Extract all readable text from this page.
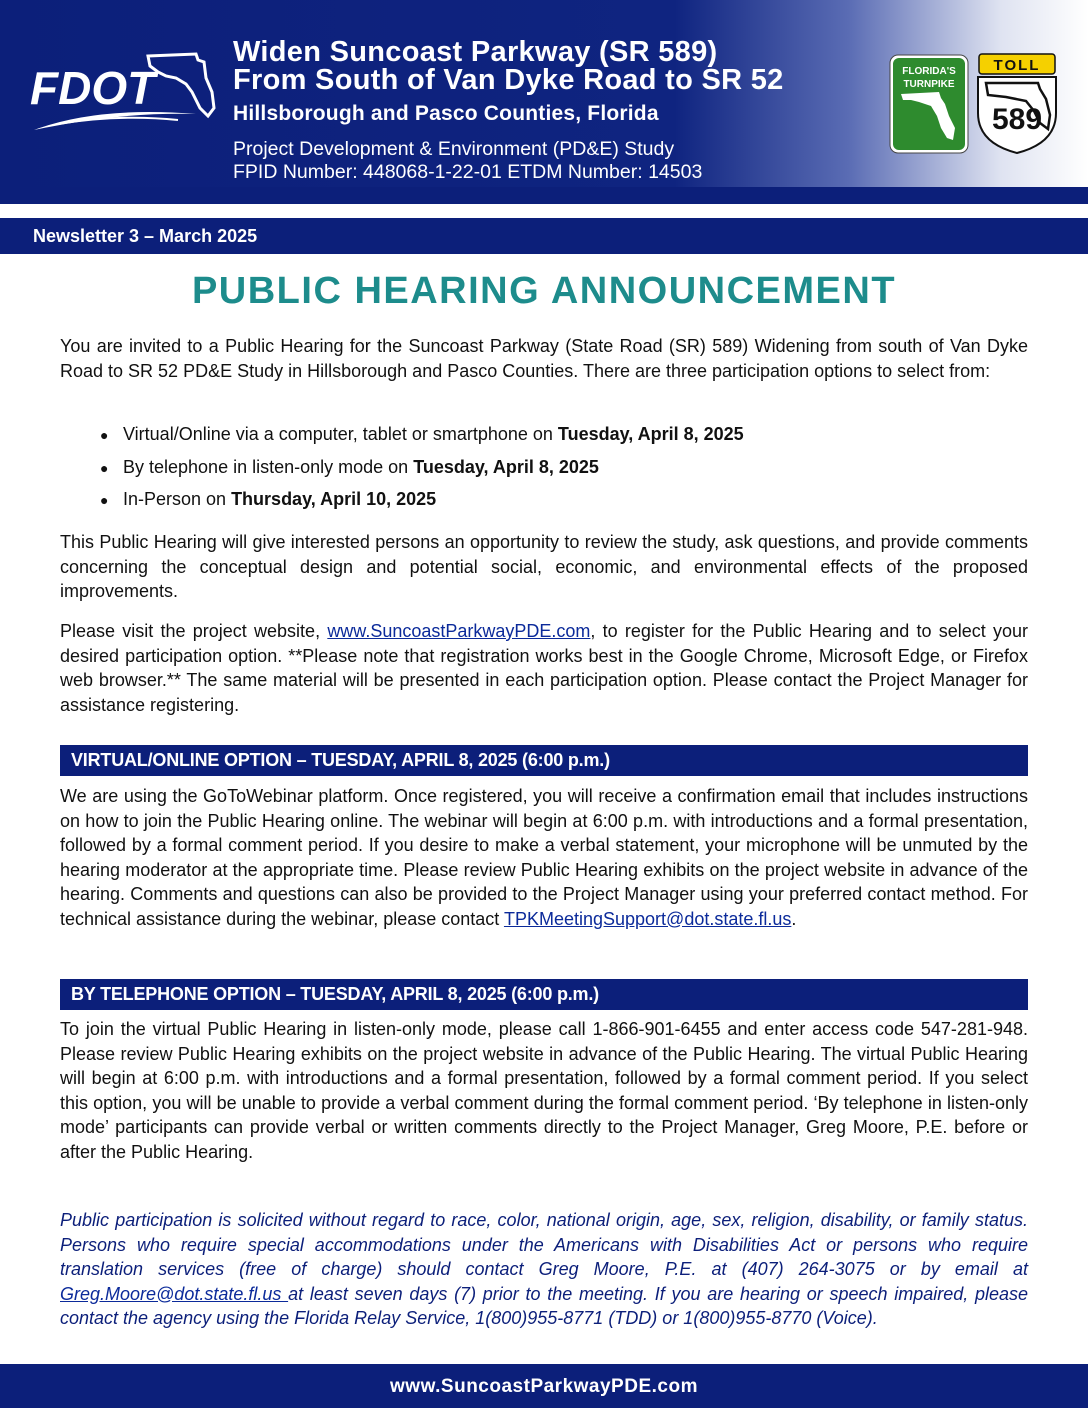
FDOT
Widen Suncoast Parkway (SR 589)
From South of Van Dyke Road to SR 52
Hillsborough and Pasco Counties, Florida
Project Development & Environment (PD&E) Study
FPID Number: 448068-1-22-01 ETDM Number: 14503
FLORIDA'S
TURNPIKE
TOLL
589
Newsletter 3 – March 2025
PUBLIC HEARING ANNOUNCEMENT
You are invited to a Public Hearing for the Suncoast Parkway (State Road (SR) 589) Widening from south of Van Dyke Road to SR 52 PD&E Study in Hillsborough and Pasco Counties. There are three participation options to select from:
● Virtual/Online via a computer, tablet or smartphone on Tuesday, April 8, 2025
● By telephone in listen-only mode on Tuesday, April 8, 2025
● In-Person on Thursday, April 10, 2025
This Public Hearing will give interested persons an opportunity to review the study, ask questions, and provide comments concerning the conceptual design and potential social, economic, and environmental effects of the proposed improvements.
Please visit the project website, www.SuncoastParkwayPDE.com, to register for the Public Hearing and to select your desired participation option. **Please note that registration works best in the Google Chrome, Microsoft Edge, or Firefox web browser.** The same material will be presented in each participation option. Please contact the Project Manager for assistance registering.
VIRTUAL/ONLINE OPTION – TUESDAY, APRIL 8, 2025 (6:00 p.m.)
We are using the GoToWebinar platform. Once registered, you will receive a confirmation email that includes instructions on how to join the Public Hearing online. The webinar will begin at 6:00 p.m. with introductions and a formal presentation, followed by a formal comment period. If you desire to make a verbal statement, your microphone will be unmuted by the hearing moderator at the appropriate time. Please review Public Hearing exhibits on the project website in advance of the hearing. Comments and questions can also be provided to the Project Manager using your preferred contact method. For technical assistance during the webinar, please contact TPKMeetingSupport@dot.state.fl.us.
BY TELEPHONE OPTION – TUESDAY, APRIL 8, 2025 (6:00 p.m.)
To join the virtual Public Hearing in listen-only mode, please call 1-866-901-6455 and enter access code 547-281-948. Please review Public Hearing exhibits on the project website in advance of the Public Hearing. The virtual Public Hearing will begin at 6:00 p.m. with introductions and a formal presentation, followed by a formal comment period. If you select this option, you will be unable to provide a verbal comment during the formal comment period. ‘By telephone in listen-only mode’ participants can provide verbal or written comments directly to the Project Manager, Greg Moore, P.E. before or after the Public Hearing.
Public participation is solicited without regard to race, color, national origin, age, sex, religion, disability, or family status. Persons who require special accommodations under the Americans with Disabilities Act or persons who require translation services (free of charge) should contact Greg Moore, P.E. at (407) 264-3075 or by email at Greg.Moore@dot.state.fl.us at least seven days (7) prior to the meeting. If you are hearing or speech impaired, please contact the agency using the Florida Relay Service, 1(800)955-8771 (TDD) or 1(800)955-8770 (Voice).
www.SuncoastParkwayPDE.com
